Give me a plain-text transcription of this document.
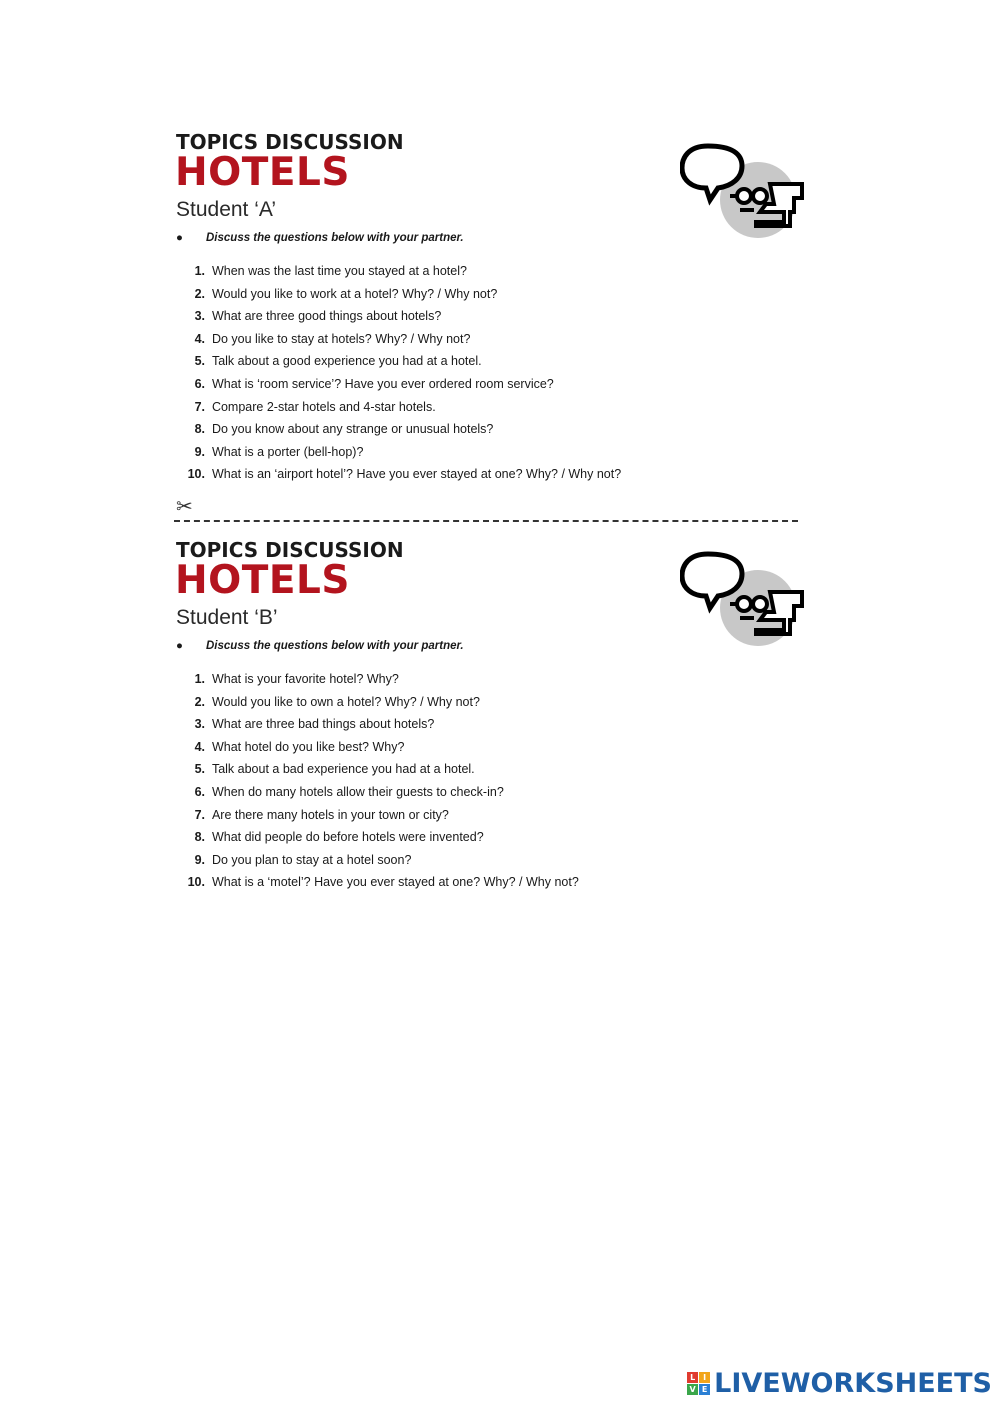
TOPICS DISCUSSION
HOTELS
Student ‘A’
● Discuss the questions below with your partner.
1. When was the last time you stayed at a hotel?
2. Would you like to work at a hotel? Why? / Why not?
3. What are three good things about hotels?
4. Do you like to stay at hotels? Why? / Why not?
5. Talk about a good experience you had at a hotel.
6. What is ‘room service’? Have you ever ordered room service?
7. Compare 2-star hotels and 4-star hotels.
8. Do you know about any strange or unusual hotels?
9. What is a porter (bell-hop)?
10. What is an ‘airport hotel’? Have you ever stayed at one? Why? / Why not?
✂
TOPICS DISCUSSION
HOTELS
Student ‘B’
● Discuss the questions below with your partner.
1. What is your favorite hotel? Why?
2. Would you like to own a hotel? Why? / Why not?
3. What are three bad things about hotels?
4. What hotel do you like best? Why?
5. Talk about a bad experience you had at a hotel.
6. When do many hotels allow their guests to check-in?
7. Are there many hotels in your town or city?
8. What did people do before hotels were invented?
9. Do you plan to stay at a hotel soon?
10. What is a ‘motel’? Have you ever stayed at one? Why? / Why not?
L I
V E LIVEWORKSHEETS
